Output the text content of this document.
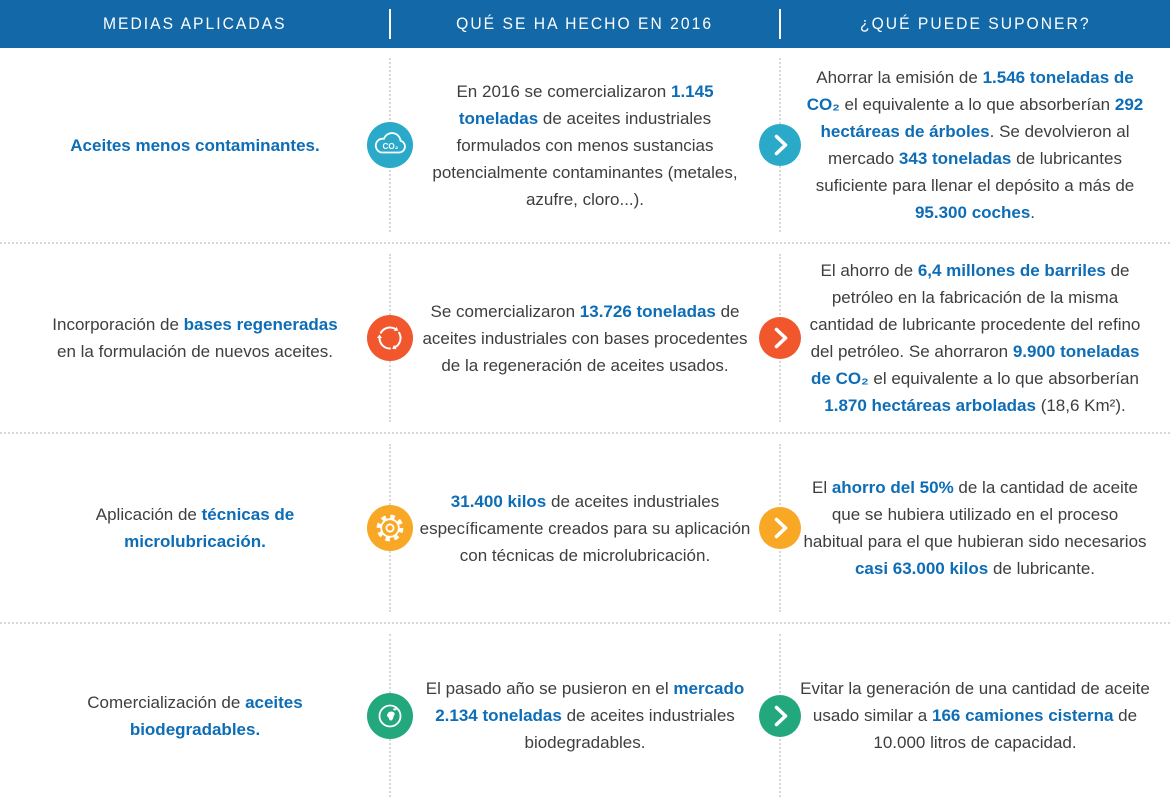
MEDIAS APLICADAS	QUÉ SE HA HECHO EN 2016	¿QUÉ PUEDE SUPONER?

Aceites menos contaminantes.

En 2016 se comercializaron 1.145 toneladas de aceites industriales formulados con menos sustancias potencialmente contaminantes (metales, azufre, cloro...).

Ahorrar la emisión de 1.546 toneladas de CO₂ el equivalente a lo que absorberían 292 hectáreas de árboles. Se devolvieron al mercado 343 toneladas de lubricantes suficiente para llenar el depósito a más de 95.300 coches.

CO₂

Incorporación de bases regeneradas en la formulación de nuevos aceites.

Se comercializaron 13.726 toneladas de aceites industriales con bases procedentes de la regeneración de aceites usados.

El ahorro de 6,4 millones de barriles de petróleo en la fabricación de la misma cantidad de lubricante procedente del refino del petróleo. Se ahorraron 9.900 toneladas de CO₂ el equivalente a lo que absorberían 1.870 hectáreas arboladas (18,6 Km²).

Aplicación de técnicas de microlubricación.

31.400 kilos de aceites industriales específicamente creados para su aplicación con técnicas de microlubricación.

El ahorro del 50% de la cantidad de aceite que se hubiera utilizado en el proceso habitual para el que hubieran sido necesarios casi 63.000 kilos de lubricante.

Comercialización de aceites biodegradables.

El pasado año se pusieron en el mercado 2.134 toneladas de aceites industriales biodegradables.

Evitar la generación de una cantidad de aceite usado similar a 166 camiones cisterna de 10.000 litros de capacidad.
